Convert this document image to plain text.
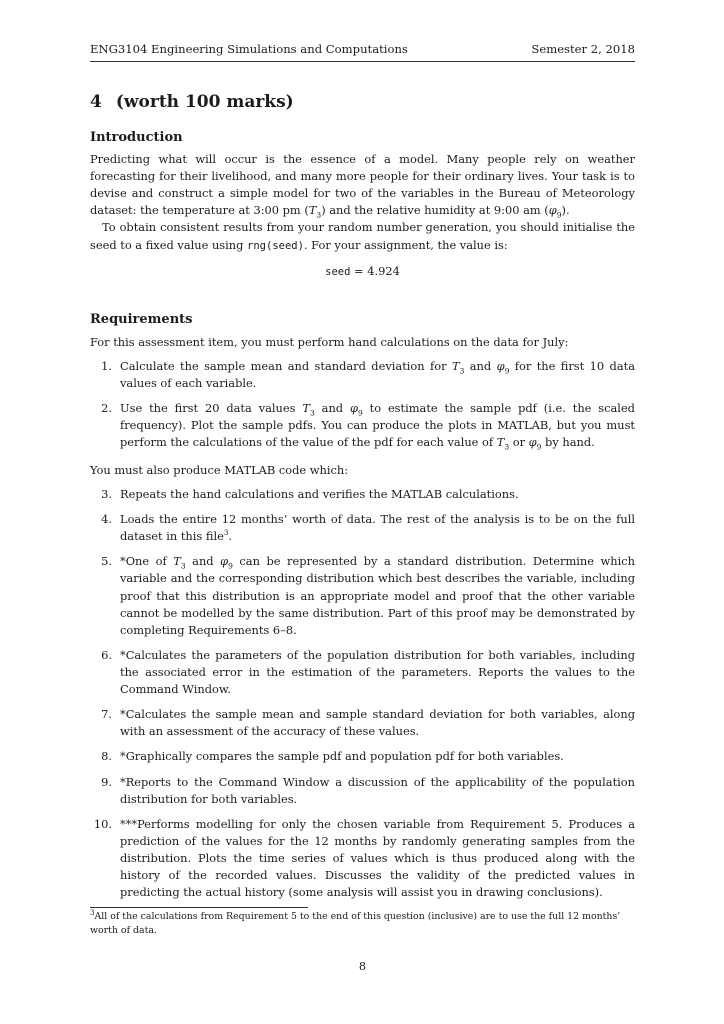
ENG3104 Engineering Simulations and Computations	Semester 2, 2018
4 (worth 100 marks)
Introduction

Predicting what will occur is the essence of a model. Many people rely on weather forecasting for their livelihood, and many more people for their ordinary lives. Your task is to devise and construct a simple model for two of the variables in the Bureau of Meteorology dataset: the temperature at 3:00 pm $(T_3)$ and the relative humidity at 9:00 am $(\varphi_9)$.

To obtain consistent results from your random number generation, you should initialise the seed to a fixed value using rng(seed). For your assignment, the value is:

seed = 4.924
Requirements
For this assessment item, you must perform hand calculations on the data for July:
1. Calculate the sample mean and standard deviation for $T_3$ and $\varphi_9$ for the first 10 data values of each variable.
2. Use the first 20 data values $T_3$ and $\varphi_9$ to estimate the sample pdf (i.e. the scaled frequency). Plot the sample pdfs. You can produce the plots in MATLAB, but you must perform the calculations of the value of the pdf for each value of $T_3$ or $\varphi_9$ by hand.
You must also produce MATLAB code which:
3. Repeats the hand calculations and verifies the MATLAB calculations.
4. Loads the entire 12 months’ worth of data. The rest of the analysis is to be on the full dataset in this file$^3$.
5. *One of $T_3$ and $\varphi_9$ can be represented by a standard distribution. Determine which variable and the corresponding distribution which best describes the variable, including proof that this distribution is an appropriate model and proof that the other variable cannot be modelled by the same distribution. Part of this proof may be demonstrated by completing Requirements 6–8.
6. *Calculates the parameters of the population distribution for both variables, including the associated error in the estimation of the parameters. Reports the values to the Command Window.
7. *Calculates the sample mean and sample standard deviation for both variables, along with an assessment of the accuracy of these values.
8. *Graphically compares the sample pdf and population pdf for both variables.
9. *Reports to the Command Window a discussion of the applicability of the population distribution for both variables.
10. ***Performs modelling for only the chosen variable from Requirement 5. Produces a prediction of the values for the 12 months by randomly generating samples from the distribution. Plots the time series of values which is thus produced along with the history of the recorded values. Discusses the validity of the predicted values in predicting the actual history (some analysis will assist you in drawing conclusions).
$^3$All of the calculations from Requirement 5 to the end of this question (inclusive) are to use the full 12 months’ worth of data.
8
